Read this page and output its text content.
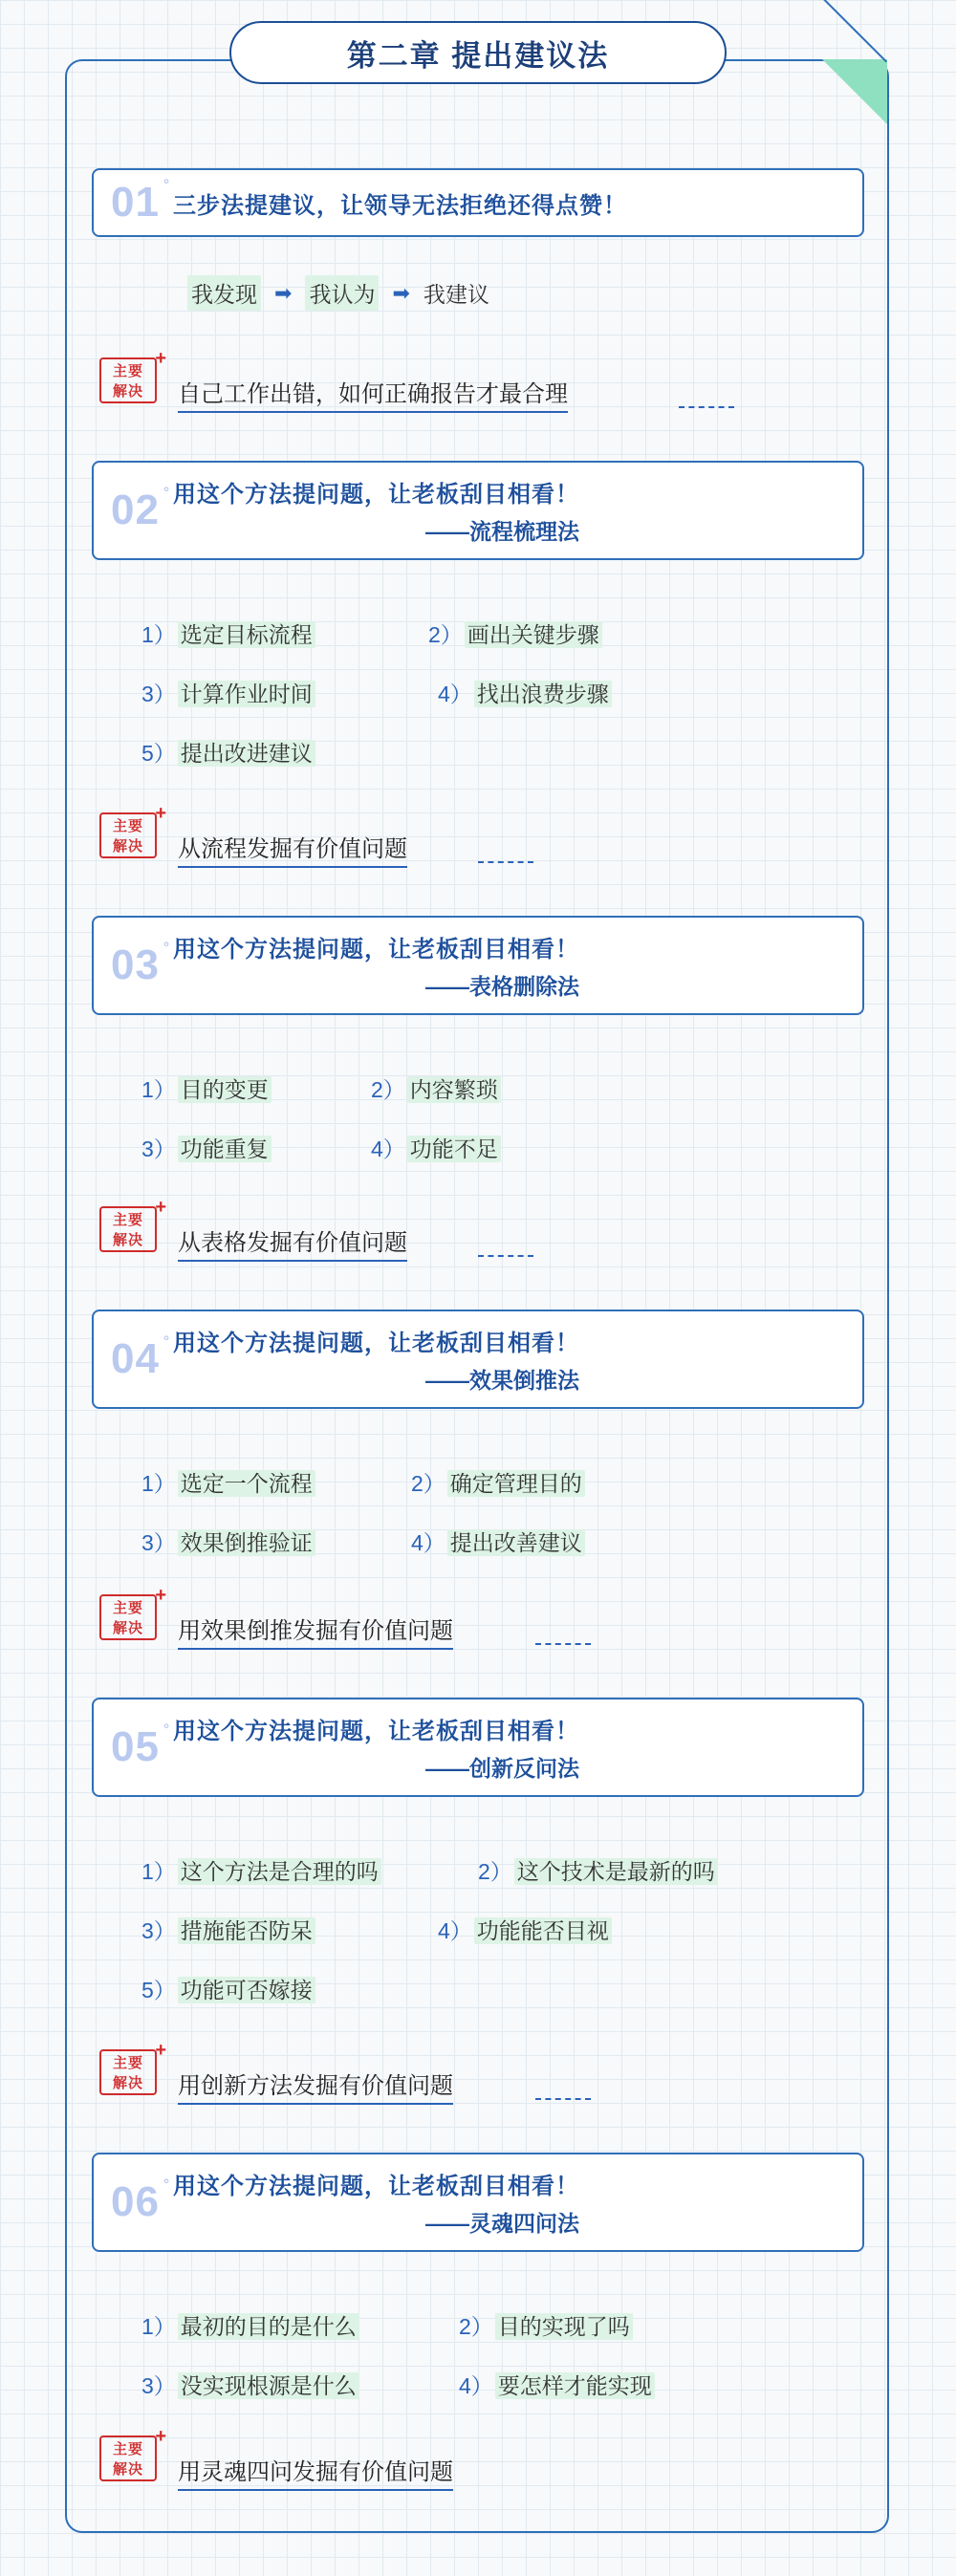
第二章 提出建议法
01 °
三步法提建议，让领导无法拒绝还得点赞！
我发现 ➡ 我认为 ➡ 我建议
+
主要
解决	自己工作出错，如何正确报告才最合理
02 ° 用这个方法提问题，让老板刮目相看！
——流程梳理法
1） 选定目标流程	2） 画出关键步骤
3） 计算作业时间	4） 找出浪费步骤
5） 提出改进建议
+
主要
解决	从流程发掘有价值问题
03 ° 用这个方法提问题，让老板刮目相看！
——表格删除法
1） 目的变更	2） 内容繁琐
3） 功能重复	4） 功能不足
+
主要
解决	从表格发掘有价值问题
04 ° 用这个方法提问题，让老板刮目相看！
——效果倒推法
1） 选定一个流程	2） 确定管理目的
3） 效果倒推验证	4） 提出改善建议
+
主要
解决	用效果倒推发掘有价值问题
05 ° 用这个方法提问题，让老板刮目相看！
——创新反问法
1） 这个方法是合理的吗	2） 这个技术是最新的吗
3） 措施能否防呆	4） 功能能否目视
5） 功能可否嫁接
+
主要
解决	用创新方法发掘有价值问题
06 ° 用这个方法提问题，让老板刮目相看！
——灵魂四问法
1） 最初的目的是什么	2） 目的实现了吗
3） 没实现根源是什么	4） 要怎样才能实现
+
主要
解决	用灵魂四问发掘有价值问题
